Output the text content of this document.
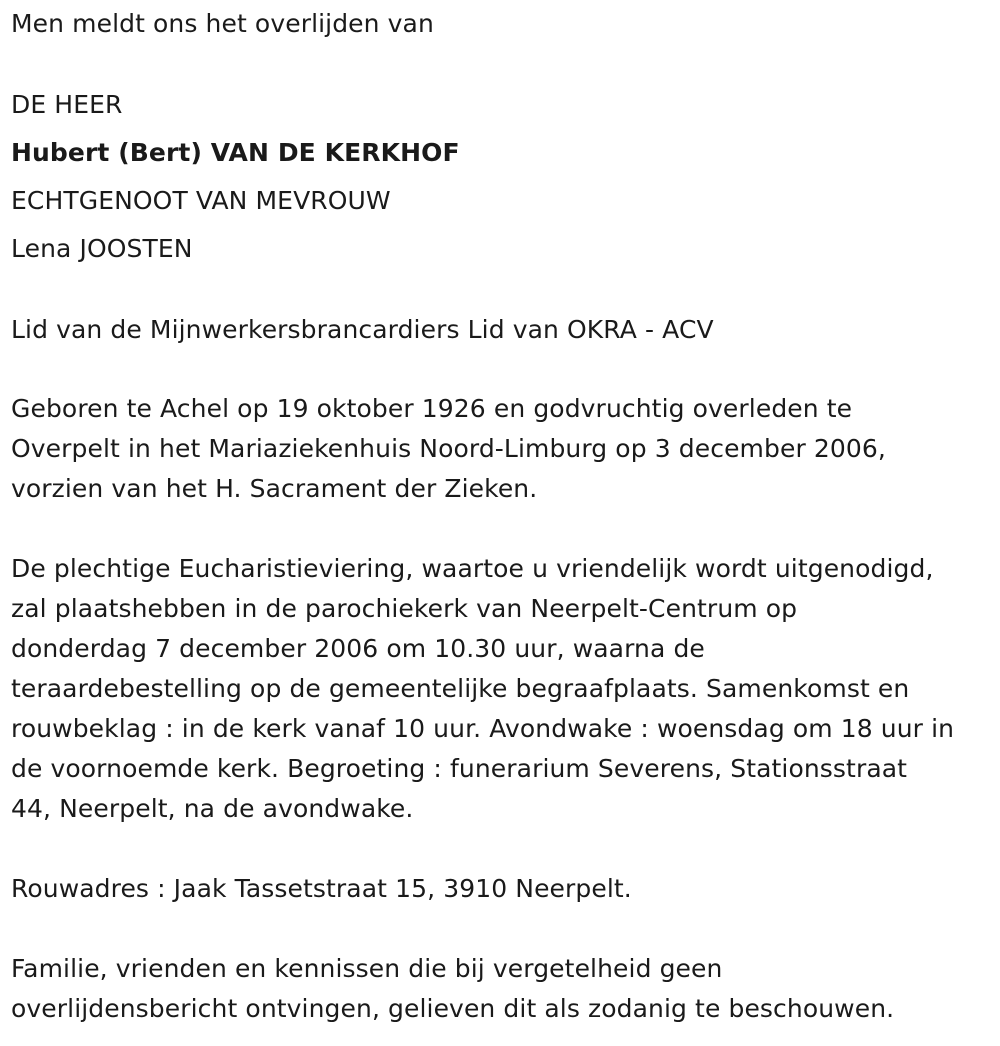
Men meldt ons het overlijden van
DE HEER
Hubert (Bert) VAN DE KERKHOF
ECHTGENOOT VAN MEVROUW
Lena JOOSTEN
Lid van de Mijnwerkersbrancardiers Lid van OKRA - ACV
Geboren te Achel op 19 oktober 1926 en godvruchtig overleden te
Overpelt in het Mariaziekenhuis Noord-Limburg op 3 december 2006,
vorzien van het H. Sacrament der Zieken.
De plechtige Eucharistieviering, waartoe u vriendelijk wordt uitgenodigd,
zal plaatshebben in de parochiekerk van Neerpelt-Centrum op
donderdag 7 december 2006 om 10.30 uur, waarna de
teraardebestelling op de gemeentelijke begraafplaats. Samenkomst en
rouwbeklag : in de kerk vanaf 10 uur. Avondwake : woensdag om 18 uur in
de voornoemde kerk. Begroeting : funerarium Severens, Stationsstraat
44, Neerpelt, na de avondwake.
Rouwadres : Jaak Tassetstraat 15, 3910 Neerpelt.
Familie, vrienden en kennissen die bij vergetelheid geen
overlijdensbericht ontvingen, gelieven dit als zodanig te beschouwen.
